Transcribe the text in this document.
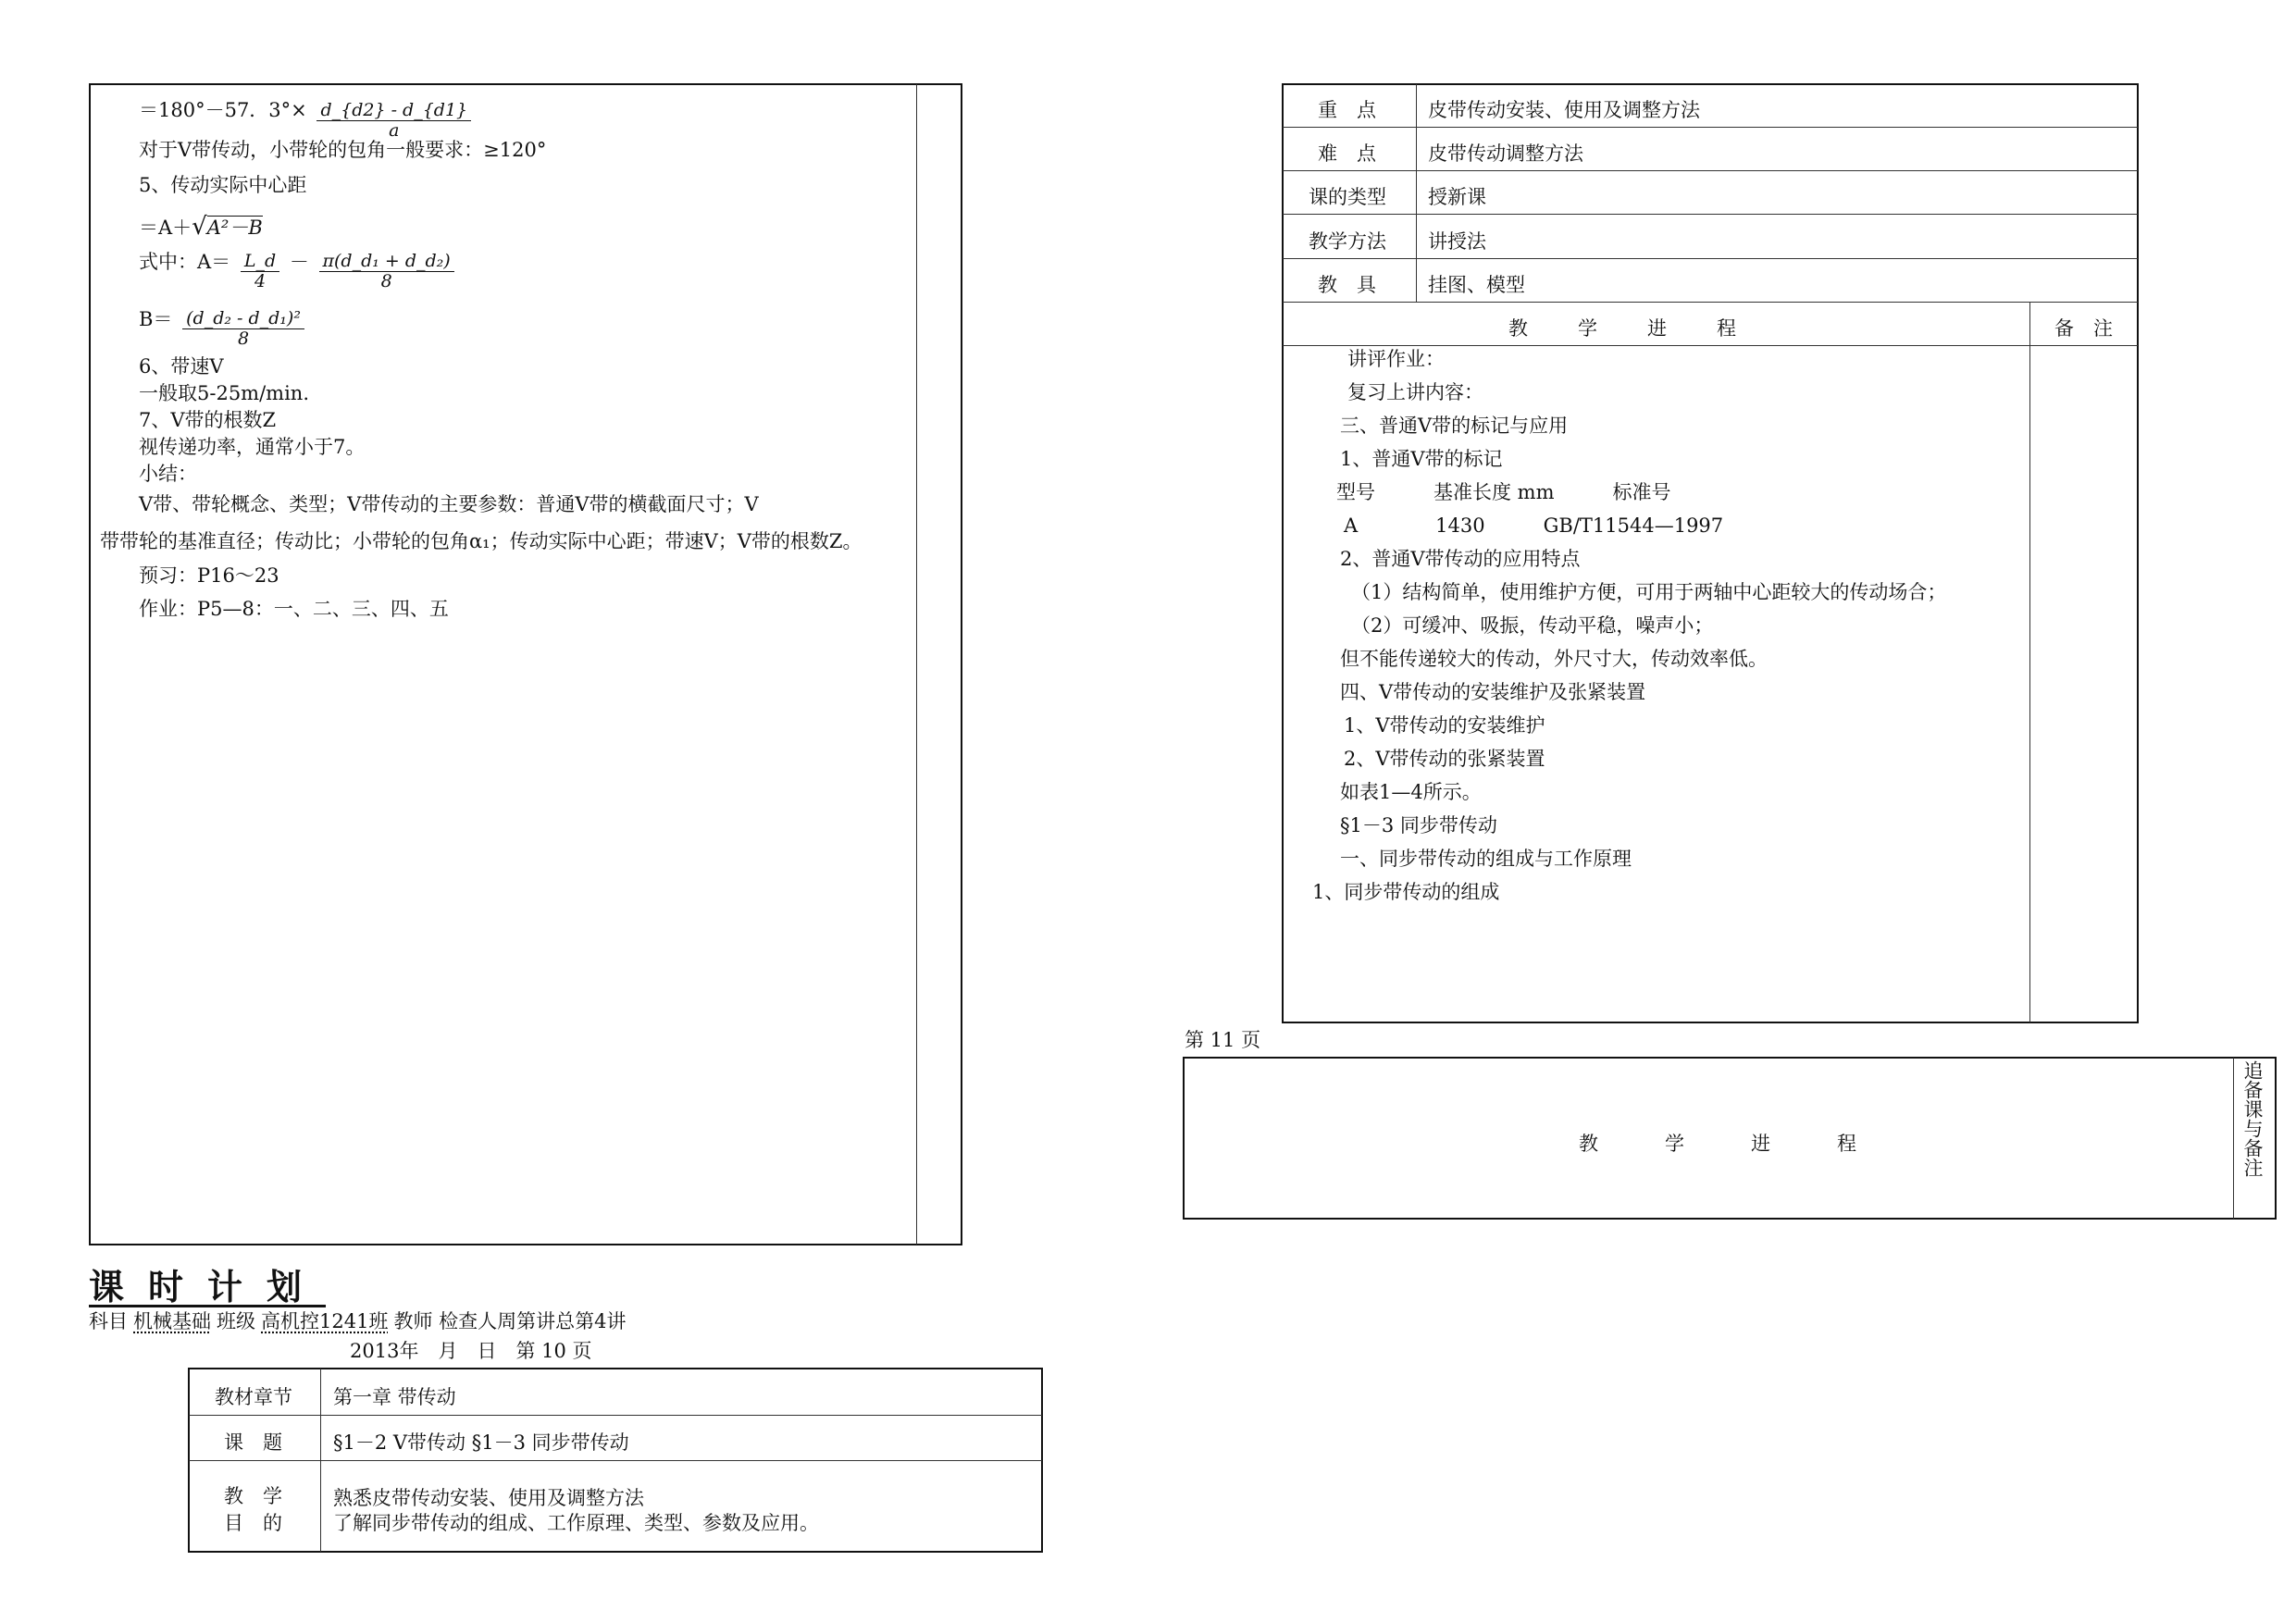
＝180°－57．$3^\circ\times \frac{d\_\{d2\} - d\_\{d1\}}{a}$
对于V带传动，小带轮的包角一般要求：≥120°
5、传动实际中心距
＝A＋√A²－B
式中：$A= \frac{L\_d}{4} - \frac{\text{π(d\_d₁ + d\_d₂)}}{8}$
$B= \frac{\text{(d\_d₂ - d\_d₁)²}}{8}$
6、带速V
一般取5-25m/min.
7、V带的根数Z
视传递功率，通常小于7。
小结：
V带、带轮概念、类型；V带传动的主要参数：普通V带的横截面尺寸；V
带带轮的基准直径；传动比；小带轮的包角α₁；传动实际中心距；带速V；V带的根数Z。
预习：P16～23
作业：P5—8：一、二、三、四、五
课时计划
科目 机械基础 班级 高机控1241班 教师 检查人周第讲总第4讲
2013年　月　日　第 10 页
教材章节 第一章 带传动
课　题	§1－2 V带传动 §1－3 同步带传动
教　学
目　的
熟悉皮带传动安装、使用及调整方法
了解同步带传动的组成、工作原理、类型、参数及应用。
重　点	皮带传动安装、使用及调整方法
难　点	皮带传动调整方法
课的类型 授新课
教学方法 讲授法
教　具	挂图、模型
教　　学　　进　　程	备　注
讲评作业：
复习上讲内容：
三、普通V带的标记与应用
1、普通V带的标记
型号　　　基准长度 mm　　　标准号
A　　　　1430　　　GB/T11544—1997
2、普通V带传动的应用特点
（1）结构简单，使用维护方便，可用于两轴中心距较大的传动场合；
（2）可缓冲、吸振，传动平稳，噪声小；
但不能传递较大的传动，外尺寸大，传动效率低。
四、V带传动的安装维护及张紧装置
1、V带传动的安装维护
2、V带传动的张紧装置
如表1—4所示。
§1－3 同步带传动
一、同步带传动的组成与工作原理
1、同步带传动的组成
第 11 页
教　　学　　进　　程	追备课与备注
